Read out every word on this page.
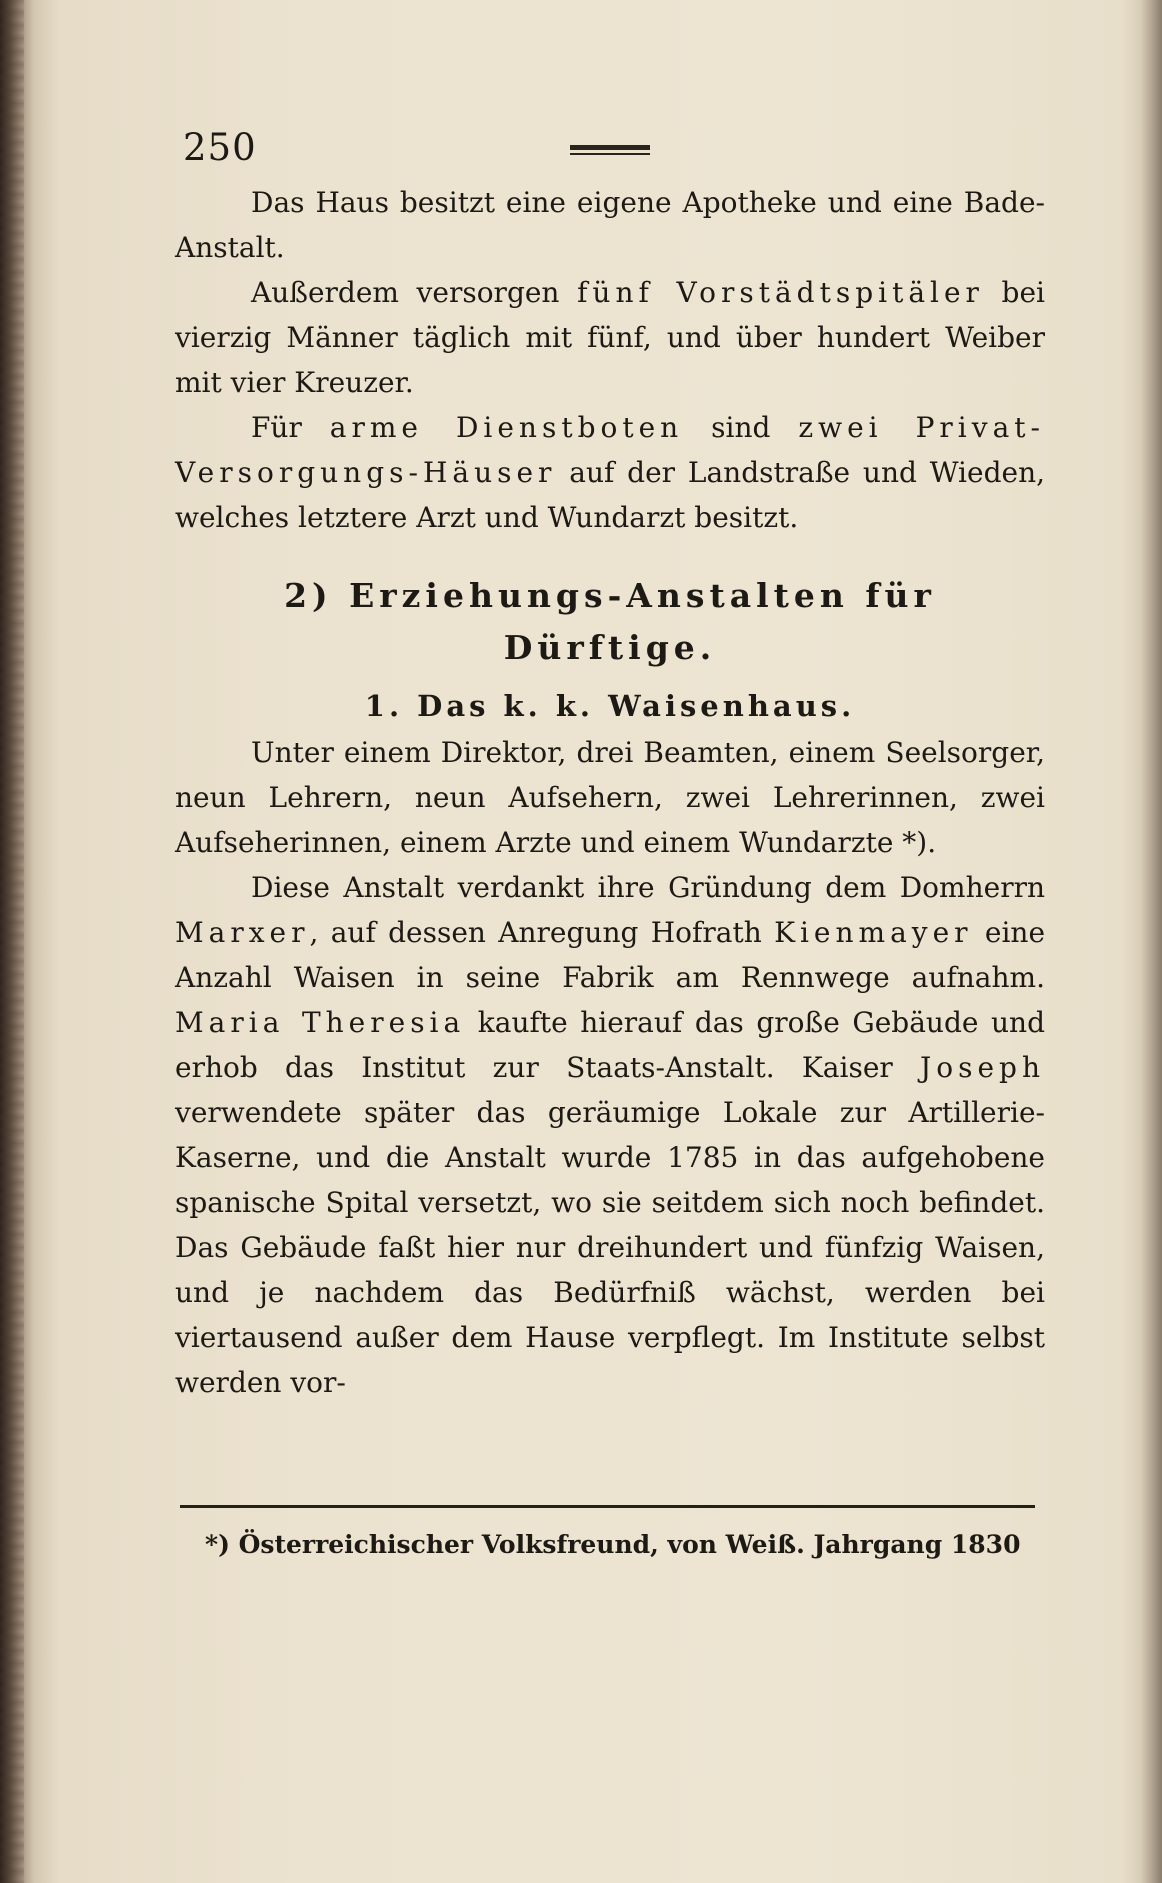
250

Das Haus besitzt eine eigene Apotheke und eine Bade-Anstalt.

Außerdem versorgen fünf Vorstädtspitäler bei vierzig Männer täglich mit fünf, und über hundert Weiber mit vier Kreuzer.

Für arme Dienstboten sind zwei Privat-Versorgungs-Häuser auf der Landstraße und Wieden, welches letztere Arzt und Wundarzt besitzt.

2) Erziehungs-Anstalten für Dürftige.
1. Das k. k. Waisenhaus.

Unter einem Direktor, drei Beamten, einem Seelsorger, neun Lehrern, neun Aufsehern, zwei Lehrerinnen, zwei Aufseherinnen, einem Arzte und einem Wundarzte *).

Diese Anstalt verdankt ihre Gründung dem Domherrn Marxer, auf dessen Anregung Hofrath Kienmayer eine Anzahl Waisen in seine Fabrik am Rennwege aufnahm. Maria Theresia kaufte hierauf das große Gebäude und erhob das Institut zur Staats-Anstalt. Kaiser Joseph verwendete später das geräumige Lokale zur Artillerie-Kaserne, und die Anstalt wurde 1785 in das aufgehobene spanische Spital versetzt, wo sie seitdem sich noch befindet. Das Gebäude faßt hier nur dreihundert und fünfzig Waisen, und je nachdem das Bedürfniß wächst, werden bei viertausend außer dem Hause verpflegt. Im Institute selbst werden vor-

*) Österreichischer Volksfreund, von Weiß. Jahrgang 1830
